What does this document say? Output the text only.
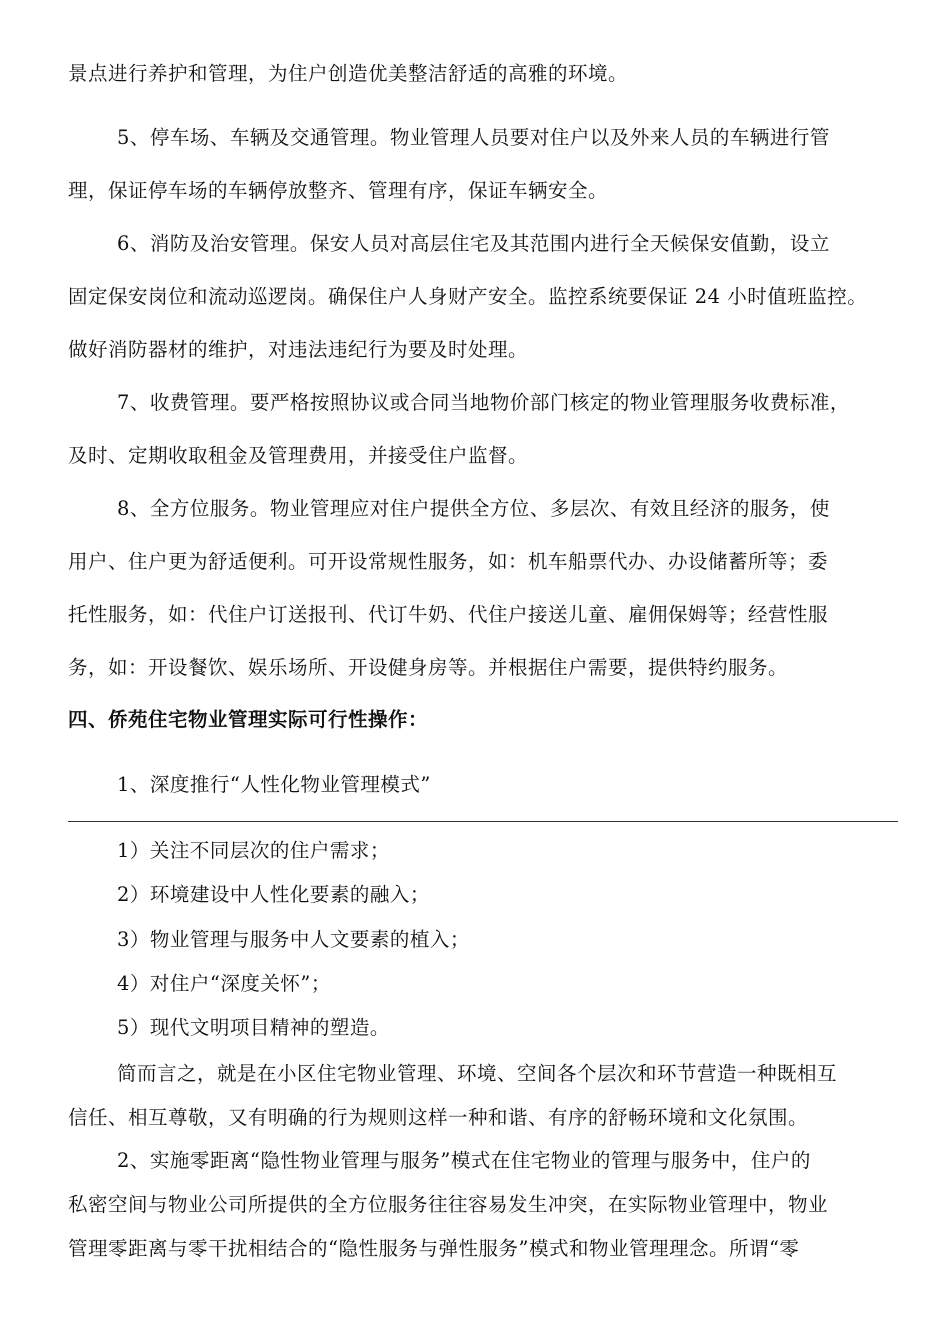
景点进行养护和管理，为住户创造优美整洁舒适的高雅的环境。
5、停车场、车辆及交通管理。物业管理人员要对住户以及外来人员的车辆进行管
理，保证停车场的车辆停放整齐、管理有序，保证车辆安全。
6、消防及治安管理。保安人员对高层住宅及其范围内进行全天候保安值勤，设立
固定保安岗位和流动巡逻岗。确保住户人身财产安全。监控系统要保证 24 小时值班监控。
做好消防器材的维护，对违法违纪行为要及时处理。
7、收费管理。要严格按照协议或合同当地物价部门核定的物业管理服务收费标准，
及时、定期收取租金及管理费用，并接受住户监督。
8、全方位服务。物业管理应对住户提供全方位、多层次、有效且经济的服务，使
用户、住户更为舒适便利。可开设常规性服务，如：机车船票代办、办设储蓄所等；委
托性服务，如：代住户订送报刊、代订牛奶、代住户接送儿童、雇佣保姆等；经营性服
务，如：开设餐饮、娱乐场所、开设健身房等。并根据住户需要，提供特约服务。
四、侨苑住宅物业管理实际可行性操作：
1、深度推行“人性化物业管理模式”
1）关注不同层次的住户需求；
2）环境建设中人性化要素的融入；
3）物业管理与服务中人文要素的植入；
4）对住户“深度关怀”；
5）现代文明项目精神的塑造。
简而言之，就是在小区住宅物业管理、环境、空间各个层次和环节营造一种既相互
信任、相互尊敬，又有明确的行为规则这样一种和谐、有序的舒畅环境和文化氛围。
2、实施零距离“隐性物业管理与服务”模式在住宅物业的管理与服务中，住户的
私密空间与物业公司所提供的全方位服务往往容易发生冲突，在实际物业管理中，物业
管理零距离与零干扰相结合的“隐性服务与弹性服务”模式和物业管理理念。所谓“零
